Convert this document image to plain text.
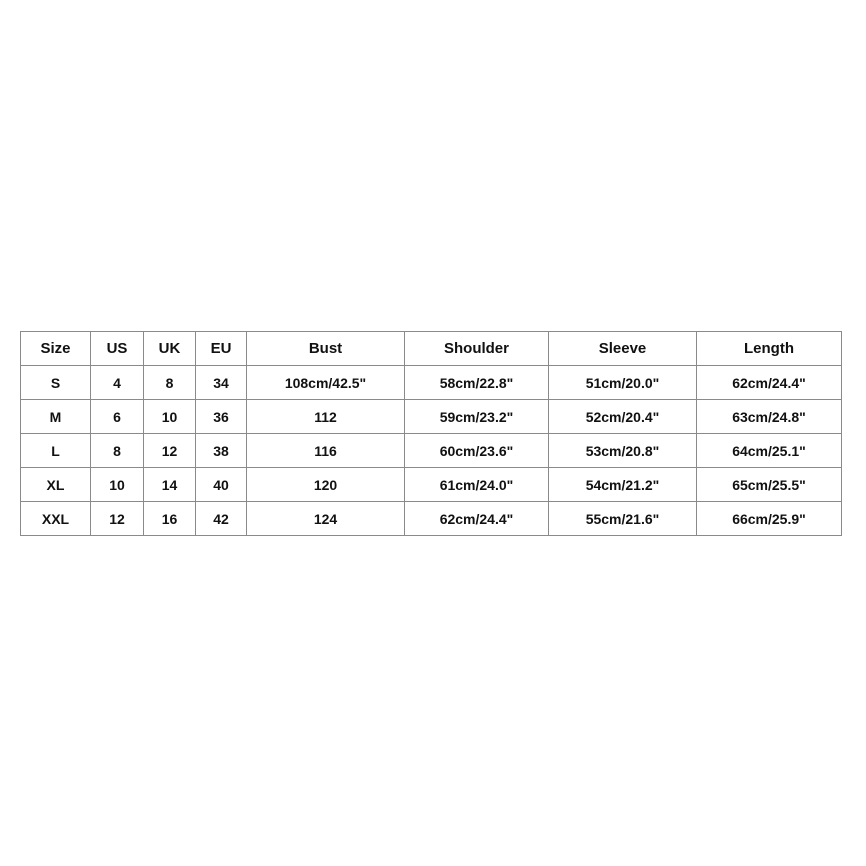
Size	US	UK	EU	Bust	Shoulder	Sleeve	Length
S	4	8	34	108cm/42.5"	58cm/22.8"	51cm/20.0"	62cm/24.4"
M	6	10	36	112	59cm/23.2"	52cm/20.4"	63cm/24.8"
L	8	12	38	116	60cm/23.6"	53cm/20.8"	64cm/25.1"
XL	10	14	40	120	61cm/24.0"	54cm/21.2"	65cm/25.5"
XXL	12	16	42	124	62cm/24.4"	55cm/21.6"	66cm/25.9"
